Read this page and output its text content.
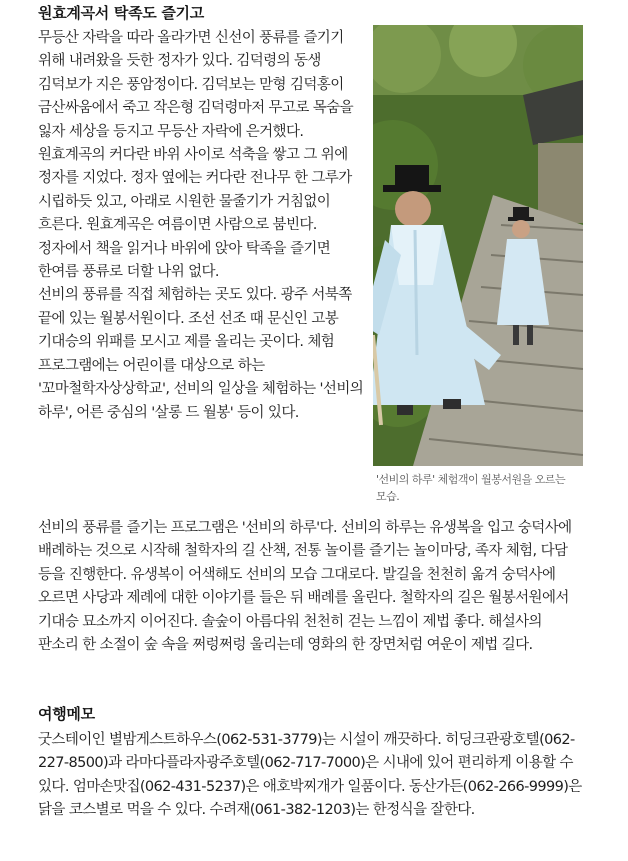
원효계곡서 탁족도 즐기고

무등산 자락을 따라 올라가면 신선이 풍류를 즐기기 위해 내려왔을 듯한 정자가 있다. 김덕령의 동생 김덕보가 지은 풍암정이다. 김덕보는 맏형 김덕홍이 금산싸움에서 죽고 작은형 김덕령마저 무고로 목숨을 잃자 세상을 등지고 무등산 자락에 은거했다. 원효계곡의 커다란 바위 사이로 석축을 쌓고 그 위에 정자를 지었다. 정자 옆에는 커다란 전나무 한 그루가 시립하듯 있고, 아래로 시원한 물줄기가 거침없이 흐른다. 원효계곡은 여름이면 사람으로 붐빈다. 정자에서 책을 읽거나 바위에 앉아 탁족을 즐기면 한여름 풍류로 더할 나위 없다.

선비의 풍류를 직접 체험하는 곳도 있다. 광주 서북쪽 끝에 있는 월봉서원이다. 조선 선조 때 문신인 고봉 기대승의 위패를 모시고 제를 올리는 곳이다. 체험 프로그램에는 어린이를 대상으로 하는 '꼬마철학자상상학교', 선비의 일상을 체험하는 '선비의 하루', 어른 중심의 '살롱 드 월봉' 등이 있다.

'선비의 하루' 체험객이 월봉서원을 오르는 모습.

선비의 풍류를 즐기는 프로그램은 '선비의 하루'다. 선비의 하루는 유생복을 입고 숭덕사에 배례하는 것으로 시작해 철학자의 길 산책, 전통 놀이를 즐기는 놀이마당, 족자 체험, 다담 등을 진행한다. 유생복이 어색해도 선비의 모습 그대로다. 발길을 천천히 옮겨 숭덕사에 오르면 사당과 제례에 대한 이야기를 들은 뒤 배례를 올린다. 철학자의 길은 월봉서원에서 기대승 묘소까지 이어진다. 솔숲이 아름다워 천천히 걷는 느낌이 제법 좋다. 해설사의 판소리 한 소절이 숲 속을 쩌렁쩌렁 울리는데 영화의 한 장면처럼 여운이 제법 길다.

여행메모

굿스테이인 별밤게스트하우스(062-531-3779)는 시설이 깨끗하다. 히딩크관광호텔(062-227-8500)과 라마다플라자광주호텔(062-717-7000)은 시내에 있어 편리하게 이용할 수 있다. 엄마손맛집(062-431-5237)은 애호박찌개가 일품이다. 동산가든(062-266-9999)은 닭을 코스별로 먹을 수 있다. 수려재(061-382-1203)는 한정식을 잘한다.
